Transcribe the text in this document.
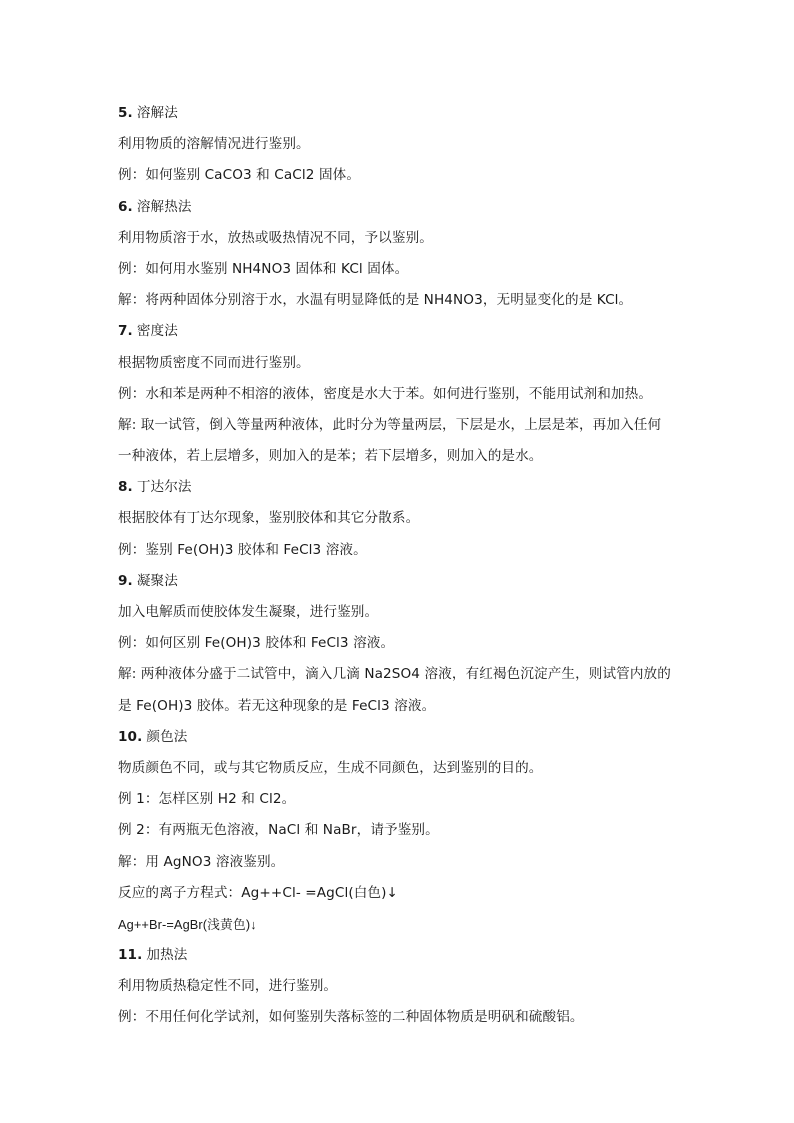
5. 溶解法
利用物质的溶解情况进行鉴别。
例：如何鉴别 CaCO3 和 CaCl2 固体。
6. 溶解热法
利用物质溶于水，放热或吸热情况不同，予以鉴别。
例：如何用水鉴别 NH4NO3 固体和 KCl 固体。
解：将两种固体分别溶于水，水温有明显降低的是 NH4NO3，无明显变化的是 KCl。
7. 密度法
根据物质密度不同而进行鉴别。
例：水和苯是两种不相溶的液体，密度是水大于苯。如何进行鉴别，不能用试剂和加热。
解: 取一试管，倒入等量两种液体，此时分为等量两层，下层是水，上层是苯，再加入任何
一种液体，若上层增多，则加入的是苯；若下层增多，则加入的是水。
8. 丁达尔法
根据胶体有丁达尔现象，鉴别胶体和其它分散系。
例：鉴别 Fe(OH)3 胶体和 FeCl3 溶液。
9. 凝聚法
加入电解质而使胶体发生凝聚，进行鉴别。
例：如何区别 Fe(OH)3 胶体和 FeCl3 溶液。
解: 两种液体分盛于二试管中，滴入几滴 Na2SO4 溶液，有红褐色沉淀产生，则试管内放的
是 Fe(OH)3 胶体。若无这种现象的是 FeCl3 溶液。
10. 颜色法
物质颜色不同，或与其它物质反应，生成不同颜色，达到鉴别的目的。
例 1：怎样区别 H2 和 Cl2。
例 2：有两瓶无色溶液，NaCl 和 NaBr，请予鉴别。
解：用 AgNO3 溶液鉴别。
反应的离子方程式：Ag++Cl- =AgCl(白色)↓
Ag++Br-=AgBr(浅黄色)↓
11. 加热法
利用物质热稳定性不同，进行鉴别。
例：不用任何化学试剂，如何鉴别失落标签的二种固体物质是明矾和硫酸铝。
